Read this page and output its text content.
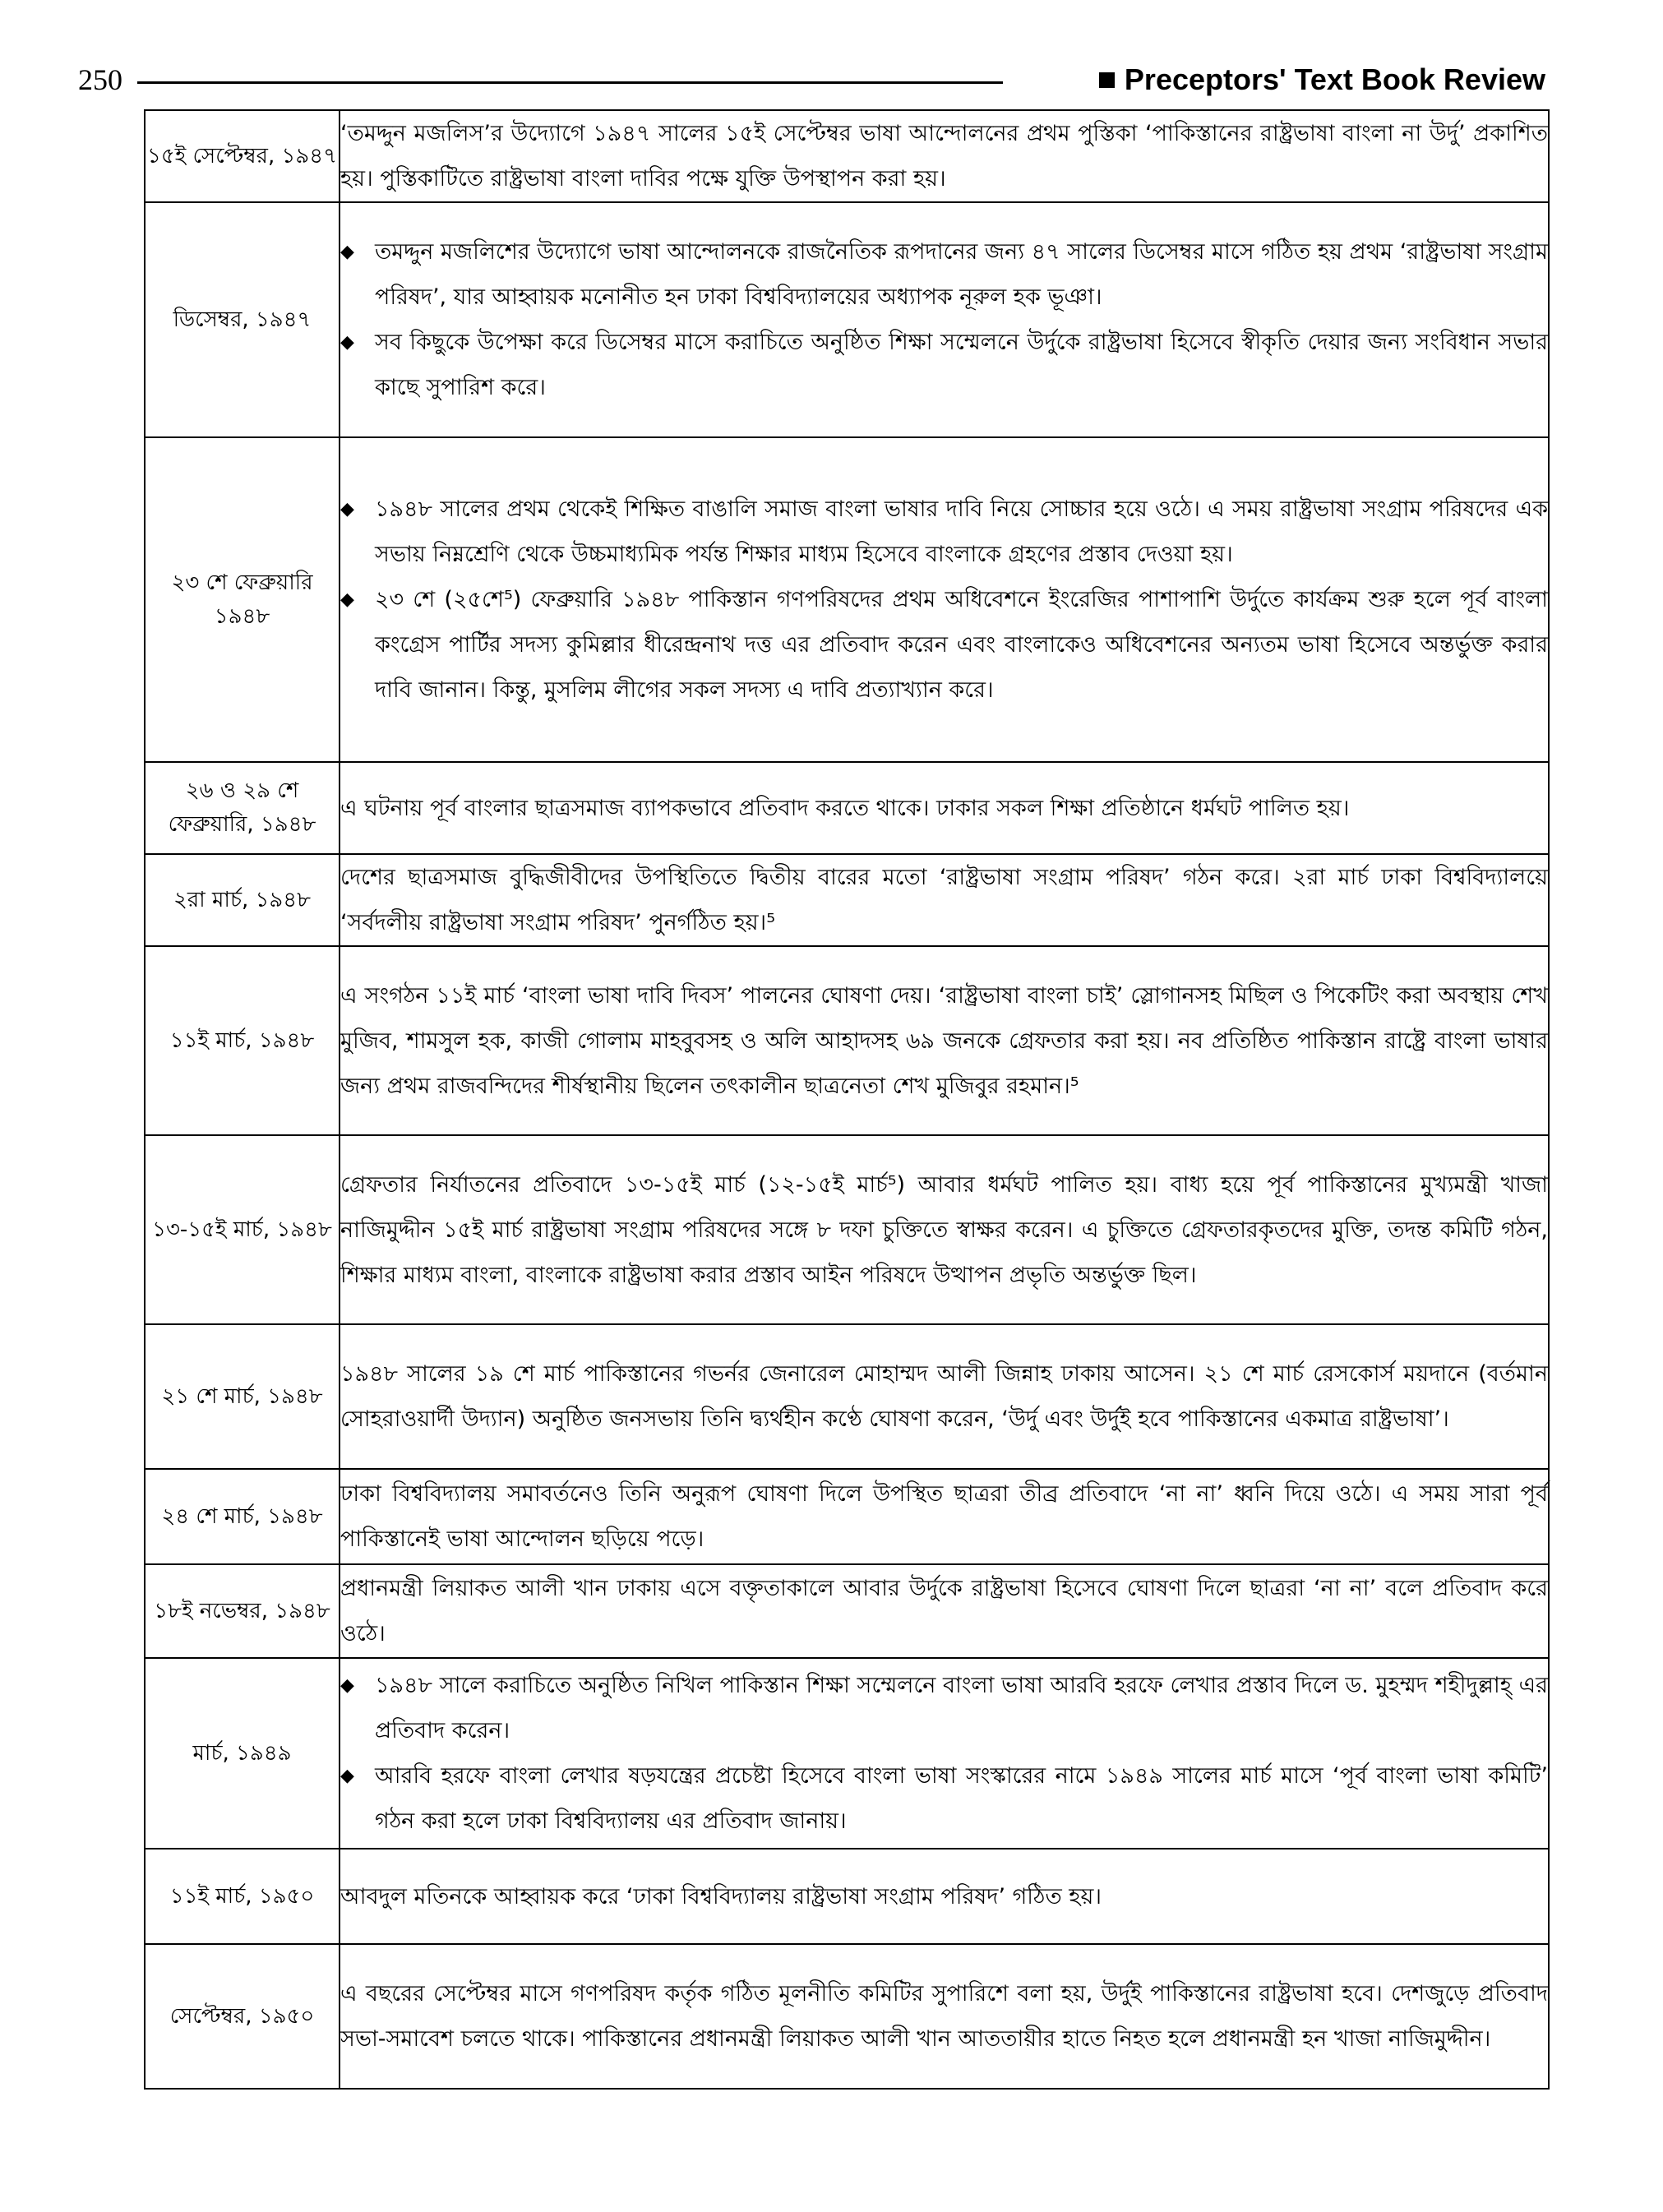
250	Preceptors' Text Book Review
১৫ই সেপ্টেম্বর, ১৯৪৭	‘তমদ্দুন মজলিস’র উদ্যোগে ১৯৪৭ সালের ১৫ই সেপ্টেম্বর ভাষা আন্দোলনের প্রথম পুস্তিকা ‘পাকিস্তানের রাষ্ট্রভাষা বাংলা না উর্দু’ প্রকাশিত হয়। পুস্তিকাটিতে রাষ্ট্রভাষা বাংলা দাবির পক্ষে যুক্তি উপস্থাপন করা হয়।
ডিসেম্বর, ১৯৪৭	◆ তমদ্দুন মজলিশের উদ্যোগে ভাষা আন্দোলনকে রাজনৈতিক রূপদানের জন্য ৪৭ সালের ডিসেম্বর মাসে গঠিত হয় প্রথম ‘রাষ্ট্রভাষা সংগ্রাম পরিষদ’, যার আহ্বায়ক মনোনীত হন ঢাকা বিশ্ববিদ্যালয়ের অধ্যাপক নূরুল হক ভূঞা।
◆ সব কিছুকে উপেক্ষা করে ডিসেম্বর মাসে করাচিতে অনুষ্ঠিত শিক্ষা সম্মেলনে উর্দুকে রাষ্ট্রভাষা হিসেবে স্বীকৃতি দেয়ার জন্য সংবিধান সভার কাছে সুপারিশ করে।

২৩ শে ফেব্রুয়ারি ১৯৪৮	◆ ১৯৪৮ সালের প্রথম থেকেই শিক্ষিত বাঙালি সমাজ বাংলা ভাষার দাবি নিয়ে সোচ্চার হয়ে ওঠে। এ সময় রাষ্ট্রভাষা সংগ্রাম পরিষদের এক সভায় নিম্নশ্রেণি থেকে উচ্চমাধ্যমিক পর্যন্ত শিক্ষার মাধ্যম হিসেবে বাংলাকে গ্রহণের প্রস্তাব দেওয়া হয়।
◆ ২৩ শে (২৫শে⁵) ফেব্রুয়ারি ১৯৪৮ পাকিস্তান গণপরিষদের প্রথম অধিবেশনে ইংরেজির পাশাপাশি উর্দুতে কার্যক্রম শুরু হলে পূর্ব বাংলা কংগ্রেস পার্টির সদস্য কুমিল্লার ধীরেন্দ্রনাথ দত্ত এর প্রতিবাদ করেন এবং বাংলাকেও অধিবেশনের অন্যতম ভাষা হিসেবে অন্তর্ভুক্ত করার দাবি জানান। কিন্তু, মুসলিম লীগের সকল সদস্য এ দাবি প্রত্যাখ্যান করে।

২৬ ও ২৯ শে ফেব্রুয়ারি, ১৯৪৮	এ ঘটনায় পূর্ব বাংলার ছাত্রসমাজ ব্যাপকভাবে প্রতিবাদ করতে থাকে। ঢাকার সকল শিক্ষা প্রতিষ্ঠানে ধর্মঘট পালিত হয়।
২রা মার্চ, ১৯৪৮	দেশের ছাত্রসমাজ বুদ্ধিজীবীদের উপস্থিতিতে দ্বিতীয় বারের মতো ‘রাষ্ট্রভাষা সংগ্রাম পরিষদ’ গঠন করে। ২রা মার্চ ঢাকা বিশ্ববিদ্যালয়ে ‘সর্বদলীয় রাষ্ট্রভাষা সংগ্রাম পরিষদ’ পুনর্গঠিত হয়।⁵
১১ই মার্চ, ১৯৪৮	এ সংগঠন ১১ই মার্চ ‘বাংলা ভাষা দাবি দিবস’ পালনের ঘোষণা দেয়। ‘রাষ্ট্রভাষা বাংলা চাই’ স্লোগানসহ মিছিল ও পিকেটিং করা অবস্থায় শেখ মুজিব, শামসুল হক, কাজী গোলাম মাহবুবসহ ও অলি আহাদসহ ৬৯ জনকে গ্রেফতার করা হয়। নব প্রতিষ্ঠিত পাকিস্তান রাষ্ট্রে বাংলা ভাষার জন্য প্রথম রাজবন্দিদের শীর্ষস্থানীয় ছিলেন তৎকালীন ছাত্রনেতা শেখ মুজিবুর রহমান।⁵
১৩-১৫ই মার্চ, ১৯৪৮	গ্রেফতার নির্যাতনের প্রতিবাদে ১৩-১৫ই মার্চ (১২-১৫ই মার্চ⁵) আবার ধর্মঘট পালিত হয়। বাধ্য হয়ে পূর্ব পাকিস্তানের মুখ্যমন্ত্রী খাজা নাজিমুদ্দীন ১৫ই মার্চ রাষ্ট্রভাষা সংগ্রাম পরিষদের সঙ্গে ৮ দফা চুক্তিতে স্বাক্ষর করেন। এ চুক্তিতে গ্রেফতারকৃতদের মুক্তি, তদন্ত কমিটি গঠন, শিক্ষার মাধ্যম বাংলা, বাংলাকে রাষ্ট্রভাষা করার প্রস্তাব আইন পরিষদে উত্থাপন প্রভৃতি অন্তর্ভুক্ত ছিল।
২১ শে মার্চ, ১৯৪৮	১৯৪৮ সালের ১৯ শে মার্চ পাকিস্তানের গভর্নর জেনারেল মোহাম্মদ আলী জিন্নাহ ঢাকায় আসেন। ২১ শে মার্চ রেসকোর্স ময়দানে (বর্তমান সোহরাওয়ার্দী উদ্যান) অনুষ্ঠিত জনসভায় তিনি দ্ব্যর্থহীন কণ্ঠে ঘোষণা করেন, ‘উর্দু এবং উর্দুই হবে পাকিস্তানের একমাত্র রাষ্ট্রভাষা’।
২৪ শে মার্চ, ১৯৪৮	ঢাকা বিশ্ববিদ্যালয় সমাবর্তনেও তিনি অনুরূপ ঘোষণা দিলে উপস্থিত ছাত্ররা তীব্র প্রতিবাদে ‘না না’ ধ্বনি দিয়ে ওঠে। এ সময় সারা পূর্ব পাকিস্তানেই ভাষা আন্দোলন ছড়িয়ে পড়ে।
১৮ই নভেম্বর, ১৯৪৮	প্রধানমন্ত্রী লিয়াকত আলী খান ঢাকায় এসে বক্তৃতাকালে আবার উর্দুকে রাষ্ট্রভাষা হিসেবে ঘোষণা দিলে ছাত্ররা ‘না না’ বলে প্রতিবাদ করে ওঠে।
মার্চ, ১৯৪৯	◆ ১৯৪৮ সালে করাচিতে অনুষ্ঠিত নিখিল পাকিস্তান শিক্ষা সম্মেলনে বাংলা ভাষা আরবি হরফে লেখার প্রস্তাব দিলে ড. মুহম্মদ শহীদুল্লাহ্ এর প্রতিবাদ করেন।
◆ আরবি হরফে বাংলা লেখার ষড়যন্ত্রের প্রচেষ্টা হিসেবে বাংলা ভাষা সংস্কারের নামে ১৯৪৯ সালের মার্চ মাসে ‘পূর্ব বাংলা ভাষা কমিটি’ গঠন করা হলে ঢাকা বিশ্ববিদ্যালয় এর প্রতিবাদ জানায়।

১১ই মার্চ, ১৯৫০	আবদুল মতিনকে আহ্বায়ক করে ‘ঢাকা বিশ্ববিদ্যালয় রাষ্ট্রভাষা সংগ্রাম পরিষদ’ গঠিত হয়।
সেপ্টেম্বর, ১৯৫০	এ বছরের সেপ্টেম্বর মাসে গণপরিষদ কর্তৃক গঠিত মূলনীতি কমিটির সুপারিশে বলা হয়, উর্দুই পাকিস্তানের রাষ্ট্রভাষা হবে। দেশজুড়ে প্রতিবাদ সভা-সমাবেশ চলতে থাকে। পাকিস্তানের প্রধানমন্ত্রী লিয়াকত আলী খান আততায়ীর হাতে নিহত হলে প্রধানমন্ত্রী হন খাজা নাজিমুদ্দীন।
